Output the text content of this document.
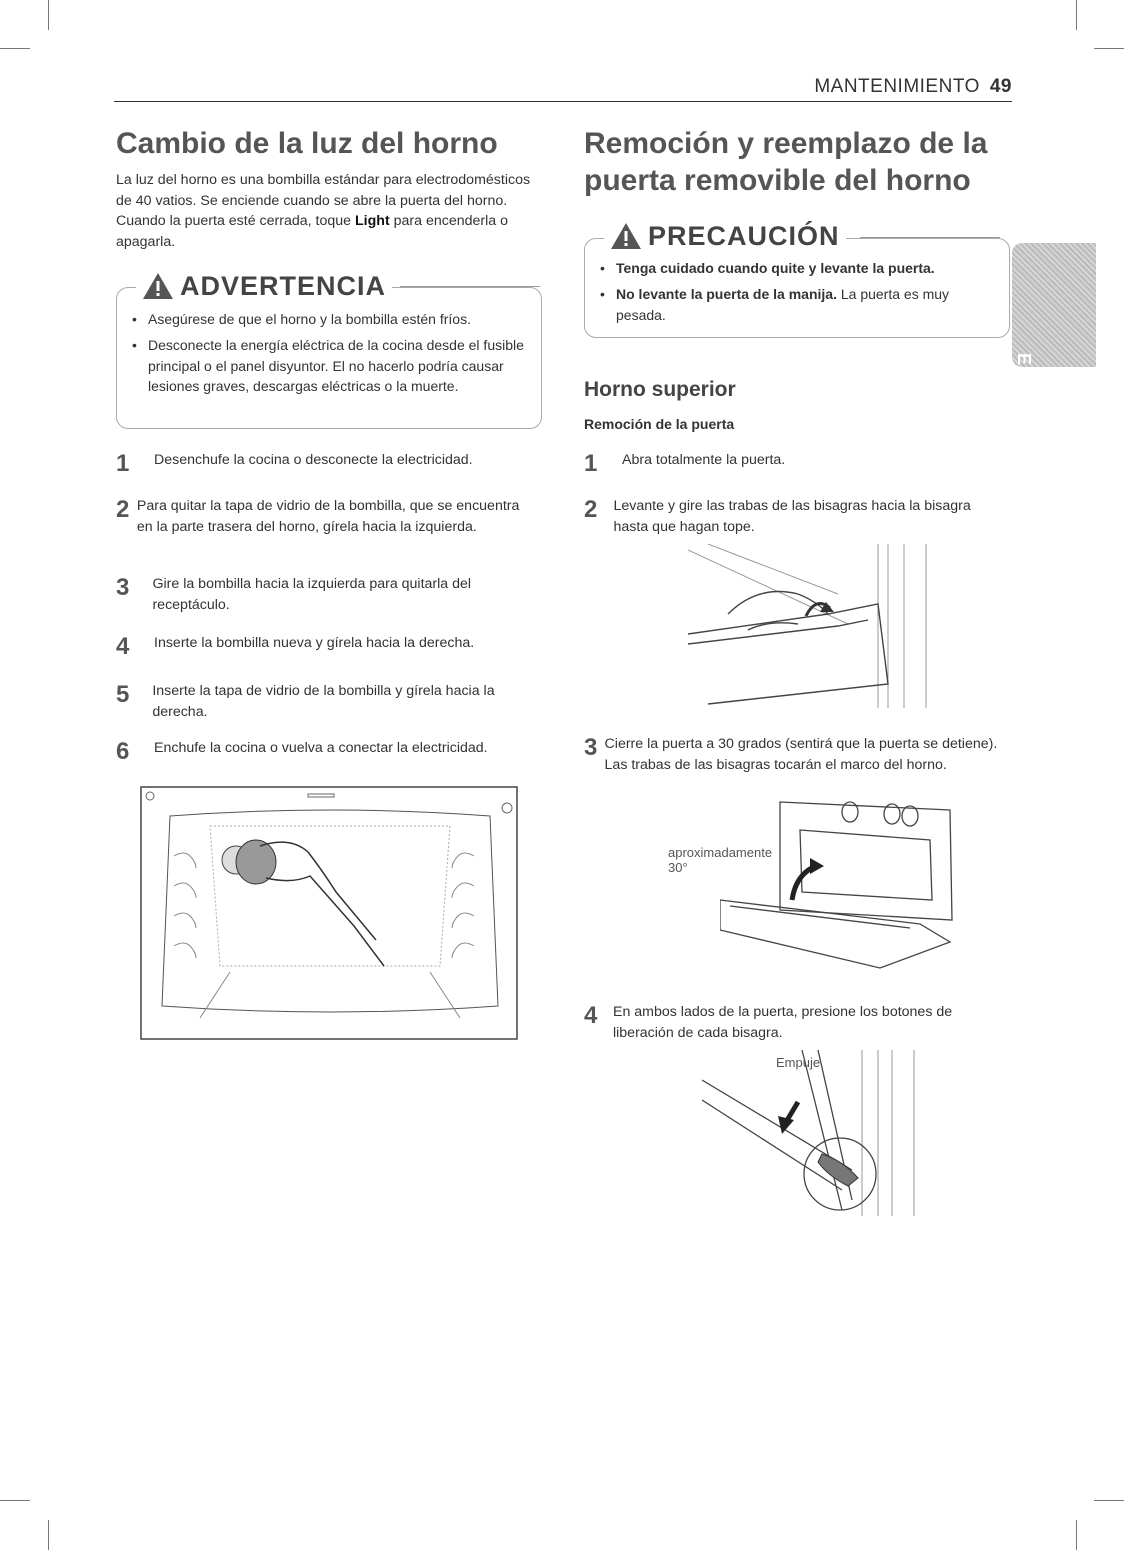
MANTENIMIENTO 49
ESPAÑOL
Cambio de la luz del horno

La luz del horno es una bombilla estándar para electrodomésticos de 40 vatios. Se enciende cuando se abre la puerta del horno. Cuando la puerta esté cerrada, toque Light para encenderla o apagarla.

ADVERTENCIA
• Asegúrese de que el horno y la bombilla estén fríos.
• Desconecte la energía eléctrica de la cocina desde el fusible principal o el panel disyuntor. El no hacerlo podría causar lesiones graves, descargas eléctricas o la muerte.
1	Desenchufe la cocina o desconecte la electricidad.
2 Para quitar la tapa de vidrio de la bombilla, que se encuentra en la parte trasera del horno, gírela hacia la izquierda.
3	Gire la bombilla hacia la izquierda para quitarla del receptáculo.
4	Inserte la bombilla nueva y gírela hacia la derecha.
5	Inserte la tapa de vidrio de la bombilla y gírela hacia la derecha.
6	Enchufe la cocina o vuelva a conectar la electricidad.
Remoción y reemplazo de la puerta removible del horno
PRECAUCIÓN
• Tenga cuidado cuando quite y levante la puerta.
• No levante la puerta de la manija. La puerta es muy pesada.
Horno superior
Remoción de la puerta
1	Abra totalmente la puerta.
2	Levante y gire las trabas de las bisagras hacia la bisagra hasta que hagan tope.
3 Cierre la puerta a 30 grados (sentirá que la puerta se detiene). Las trabas de las bisagras tocarán el marco del horno.
aproximadamente
30°
4	En ambos lados de la puerta, presione los botones de liberación de cada bisagra.
Empuje
